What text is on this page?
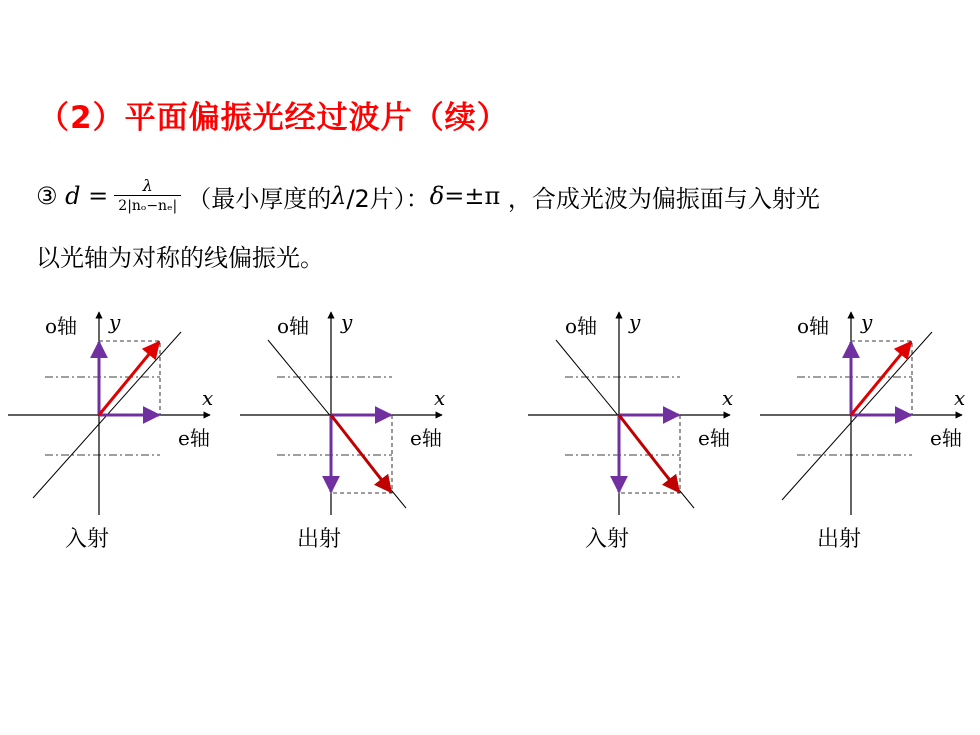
（2）平面偏振光经过波片（续）
③
d
= $\frac{\lambda}{\text{2|nₒ−nₑ|}}$ （最小厚度的 λ /2片）： δ =±π
，合成光波为偏振面与入射光
以光轴为对称的线偏振光。
o轴 y
x
e轴
入射
o轴 y
x
e轴
出射
o轴 y
x
e轴
入射
o轴 y
x
e轴
出射
